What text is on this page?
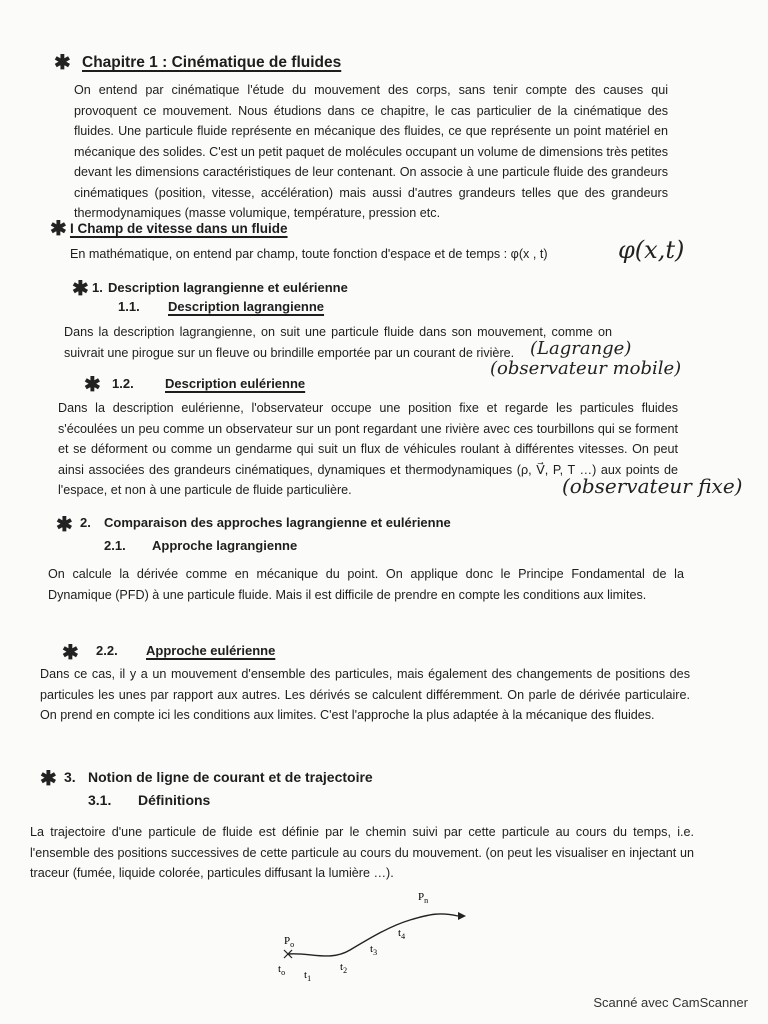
✱ Chapitre 1 : Cinématique de fluides
On entend par cinématique l'étude du mouvement des corps, sans tenir compte des causes qui provoquent ce mouvement. Nous étudions dans ce chapitre, le cas particulier de la cinématique des fluides. Une particule fluide représente en mécanique des fluides, ce que représente un point matériel en mécanique des solides. C'est un petit paquet de molécules occupant un volume de dimensions très petites devant les dimensions caractéristiques de leur contenant. On associe à une particule fluide des grandeurs cinématiques (position, vitesse, accélération) mais aussi d'autres grandeurs telles que des grandeurs thermodynamiques (masse volumique, température, pression etc.
✱ I Champ de vitesse dans un fluide
En mathématique, on entend par champ, toute fonction d'espace et de temps : φ(x , t)	φ(x,t)
✱ 1. Description lagrangienne et eulérienne
1.1. Description lagrangienne
Dans la description lagrangienne, on suit une particule fluide dans son mouvement, comme on suivrait une pirogue sur un fleuve ou brindille emportée par un courant de rivière. (Lagrange)
(observateur mobile)
✱ 1.2. Description eulérienne
Dans la description eulérienne, l'observateur occupe une position fixe et regarde les particules fluides s'écoulées un peu comme un observateur sur un pont regardant une rivière avec ces tourbillons qui se forment et se déforment ou comme un gendarme qui suit un flux de véhicules roulant à différentes vitesses. On peut ainsi associées des grandeurs cinématiques, dynamiques et thermodynamiques (ρ, V⃗, P, T …) aux points de l'espace, et non à une particule de fluide particulière.	(observateur fixe)
✱ 2. Comparaison des approches lagrangienne et eulérienne
2.1. Approche lagrangienne
On calcule la dérivée comme en mécanique du point. On applique donc le Principe Fondamental de la Dynamique (PFD) à une particule fluide. Mais il est difficile de prendre en compte les conditions aux limites.
✱ 2.2. Approche eulérienne
Dans ce cas, il y a un mouvement d'ensemble des particules, mais également des changements de positions des particules les unes par rapport aux autres. Les dérivés se calculent différemment. On parle de dérivée particulaire. On prend en compte ici les conditions aux limites. C'est l'approche la plus adaptée à la mécanique des fluides.
✱ 3. Notion de ligne de courant et de trajectoire
3.1. Définitions
La trajectoire d'une particule de fluide est définie par le chemin suivi par cette particule au cours du temps, i.e. l'ensemble des positions successives de cette particule au cours du mouvement. (on peut les visualiser en injectant un traceur (fumée, liquide colorée, particules diffusant la lumière …).
$P_o$
$P_n$
$t_o$ $t_1$
$t_2$
$t_3$
$t_4$
Scanné avec CamScanner
